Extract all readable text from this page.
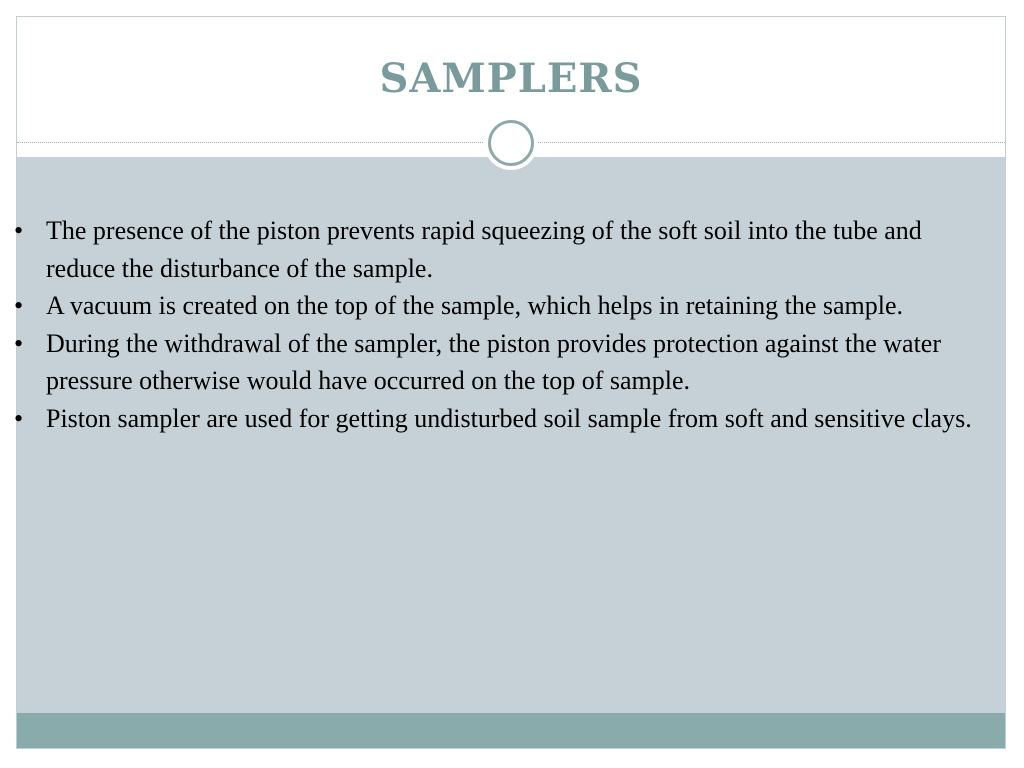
SAMPLERS
• The presence of the piston prevents rapid squeezing of the soft soil into the tube and reduce the disturbance of the sample.
• A vacuum is created on the top of the sample, which helps in retaining the sample.
• During the withdrawal of the sampler, the piston provides protection against the water pressure otherwise would have occurred on the top of sample.
• Piston sampler are used for getting undisturbed soil sample from soft and sensitive clays.
